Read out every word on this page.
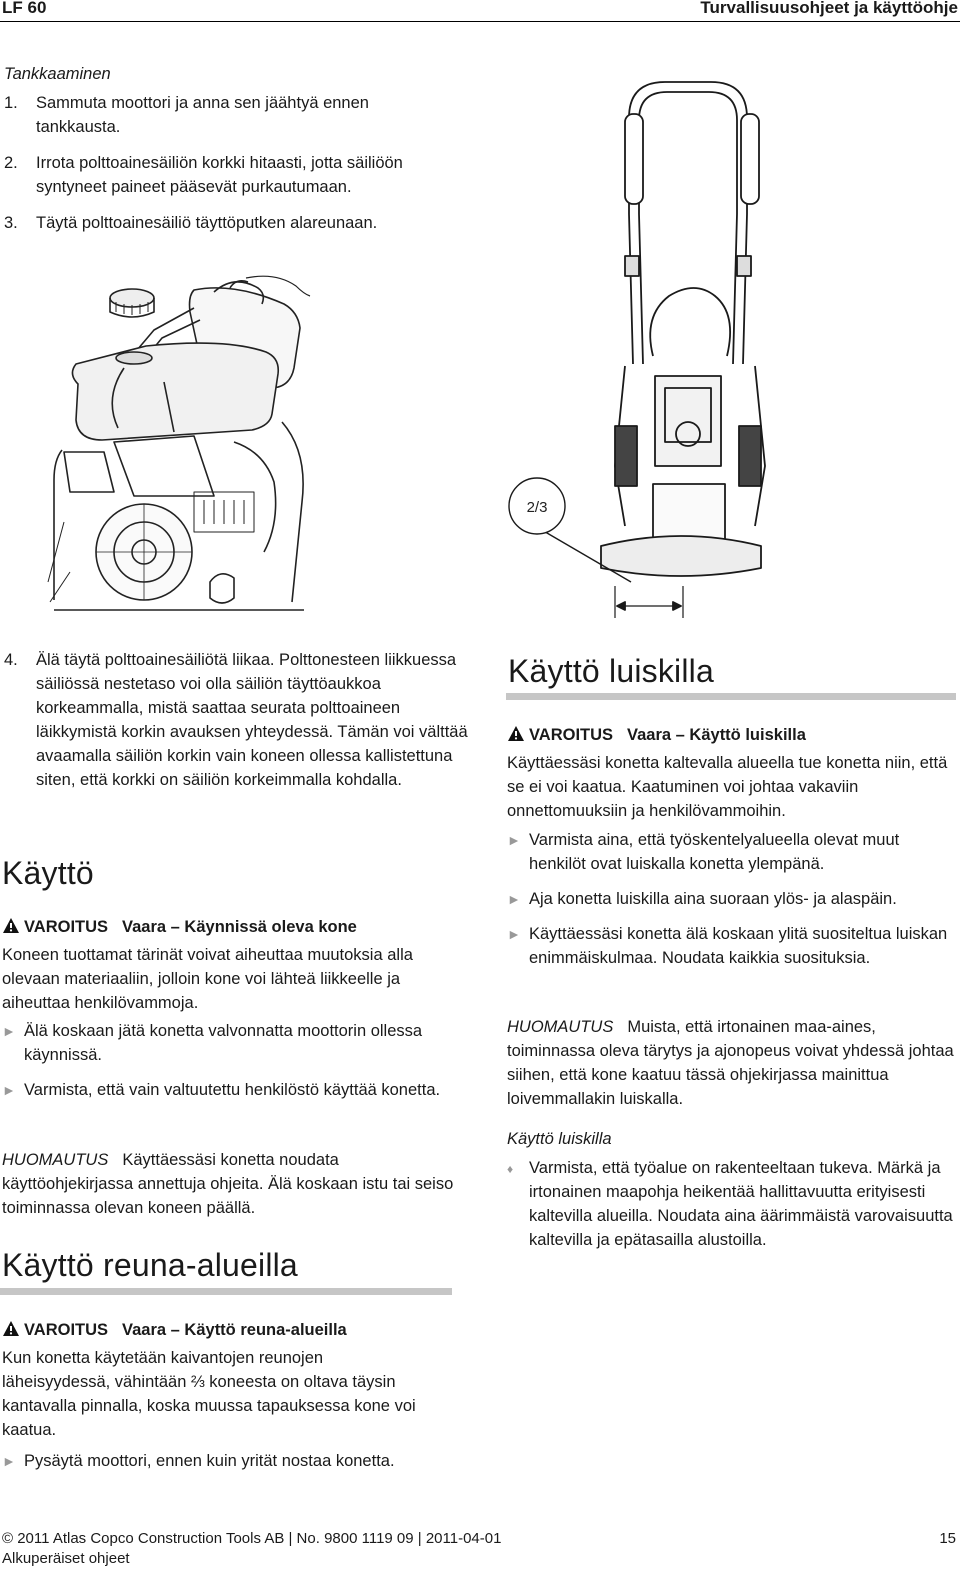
LF 60	Turvallisuusohjeet ja käyttöohje
Tankkaaminen
1. Sammuta moottori ja anna sen jäähtyä ennen tankkausta.
2. Irrota polttoainesäiliön korkki hitaasti, jotta säiliöön syntyneet paineet pääsevät purkautumaan.
3. Täytä polttoainesäiliö täyttöputken alareunaan.
2/3
4. Älä täytä polttoainesäiliötä liikaa. Polttonesteen liikkuessa säiliössä nestetaso voi olla säiliön täyttöaukkoa korkeammalla, mistä saattaa seurata polttoaineen läikkymistä korkin avauksen yhteydessä. Tämän voi välttää avaamalla säiliön korkin vain koneen ollessa kallistettuna siten, että korkki on säiliön korkeimmalla kohdalla.
Käyttö
VAROITUS Vaara – Käynnissä oleva kone
Koneen tuottamat tärinät voivat aiheuttaa muutoksia alla olevaan materiaaliin, jolloin kone voi lähteä liikkeelle ja aiheuttaa henkilövammoja.
► Älä koskaan jätä konetta valvonnatta moottorin ollessa käynnissä.
► Varmista, että vain valtuutettu henkilöstö käyttää konetta.
HUOMAUTUS Käyttäessäsi konetta noudata käyttöohjekirjassa annettuja ohjeita. Älä koskaan istu tai seiso toiminnassa olevan koneen päällä.
Käyttö reuna-alueilla
VAROITUS Vaara – Käyttö reuna-alueilla
Kun konetta käytetään kaivantojen reunojen läheisyydessä, vähintään ⅔ koneesta on oltava täysin kantavalla pinnalla, koska muussa tapauksessa kone voi kaatua.
► Pysäytä moottori, ennen kuin yrität nostaa konetta.
Käyttö luiskilla
VAROITUS Vaara – Käyttö luiskilla
Käyttäessäsi konetta kaltevalla alueella tue konetta niin, että se ei voi kaatua. Kaatuminen voi johtaa vakaviin onnettomuuksiin ja henkilövammoihin.
► Varmista aina, että työskentelyalueella olevat muut henkilöt ovat luiskalla konetta ylempänä.
► Aja konetta luiskilla aina suoraan ylös- ja alaspäin.
► Käyttäessäsi konetta älä koskaan ylitä suositeltua luiskan enimmäiskulmaa. Noudata kaikkia suosituksia.
HUOMAUTUS Muista, että irtonainen maa-aines, toiminnassa oleva tärytys ja ajonopeus voivat yhdessä johtaa siihen, että kone kaatuu tässä ohjekirjassa mainittua loivemmallakin luiskalla.
Käyttö luiskilla
♦ Varmista, että työalue on rakenteeltaan tukeva. Märkä ja irtonainen maapohja heikentää hallittavuutta erityisesti kaltevilla alueilla. Noudata aina äärimmäistä varovaisuutta kaltevilla ja epätasailla alustoilla.
© 2011 Atlas Copco Construction Tools AB | No. 9800 1119 09 | 2011-04-01	15
Alkuperäiset ohjeet
